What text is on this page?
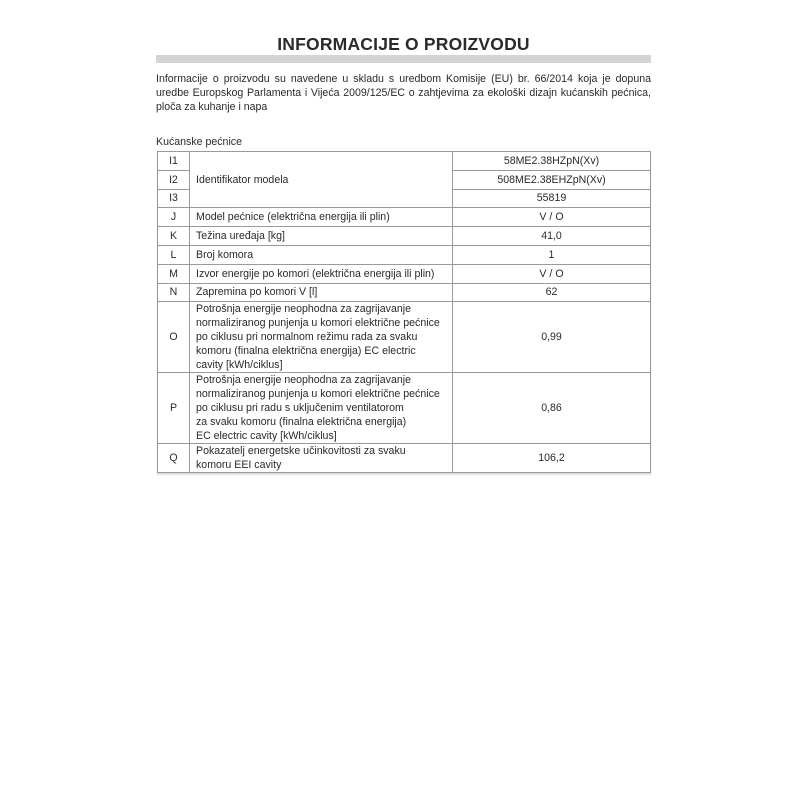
INFORMACIJE O PROIZVODU
Informacije o proizvodu su navedene u skladu s uredbom Komisije (EU) br. 66/2014 koja je dopuna uredbe Europskog Parlamenta i Vijeća 2009/125/EC o zahtjevima za ekološki dizajn kućanskih pećnica, ploča za kuhanje i napa
Kućanske pećnice
I1	Identifikator modela	58ME2.38HZpN(Xv)
I2		508ME2.38EHZpN(Xv)
I3		55819
J	Model pećnice (električna energija ili plin)	V / O
K	Težina uređaja [kg]	41,0
L	Broj komora	1
M	Izvor energije po komori (električna energija ili plin)	V / O
N	Zapremina po komori V [l]	62
O	Potrošnja energije neophodna za zagrijavanje
normaliziranog punjenja u komori električne pećnice
po ciklusu pri normalnom režimu rada za svaku
komoru (finalna električna energija) EC electric
cavity [kWh/ciklus]	0,99
P	Potrošnja energije neophodna za zagrijavanje
normaliziranog punjenja u komori električne pećnice
po ciklusu pri radu s uključenim ventilatorom
za svaku komoru (finalna električna energija)
EC electric cavity [kWh/ciklus]	0,86
Q	Pokazatelj energetske učinkovitosti za svaku
komoru EEI cavity	106,2
